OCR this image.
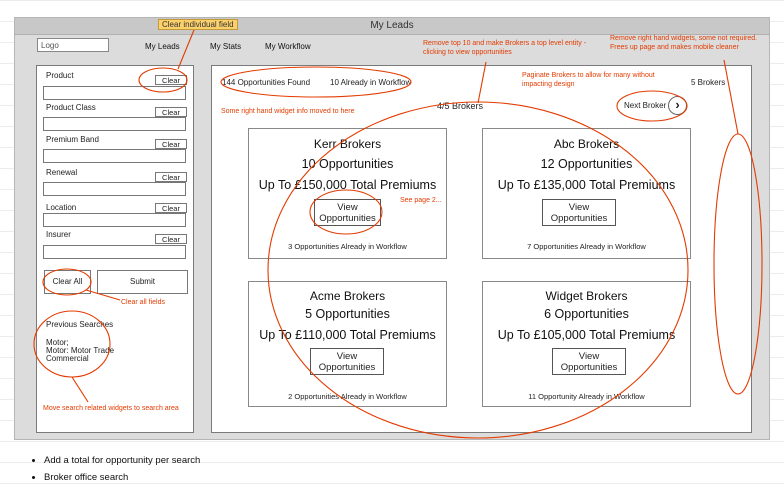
My Leads
Logo	My Leads	My Stats	My Workflow
Product
Clear
Product Class
Clear
Premium Band
Clear
Renewal
Clear
Location	Clear
Insurer
Clear
Clear All	Submit
Previous Searches
Motor;
Motor: Motor Trade
Commercial
144 Opportunities Found 10 Already in Workflow	5 Brokers
4/5 Brokers	Next Broker ›
Kerr Brokers
10 Opportunities
Up To £150,000 Total Premiums
View Opportunities
3 Opportunities Already in Workflow
Abc Brokers
12 Opportunities
Up To £135,000 Total Premiums
View Opportunities
7 Opportunities Already in Workflow
Acme Brokers
5 Opportunities
Up To £110,000 Total Premiums
View Opportunities
2 Opportunities Already in Workflow
Widget Brokers
6 Opportunities
Up To £105,000 Total Premiums
View Opportunities
11 Opportunity Already in Workflow
Clear individual field
Remove top 10 and make Brokers a top level entity - clicking to view opportunities
Remove right hand widgets, some not required. Frees up page and makes mobile cleaner
Paginate Brokers to allow for many without impacting design
Some right hand widget info moved to here
See page 2...
Clear all fields
Move search related widgets to search area
• Add a total for opportunity per search
• Broker office search
